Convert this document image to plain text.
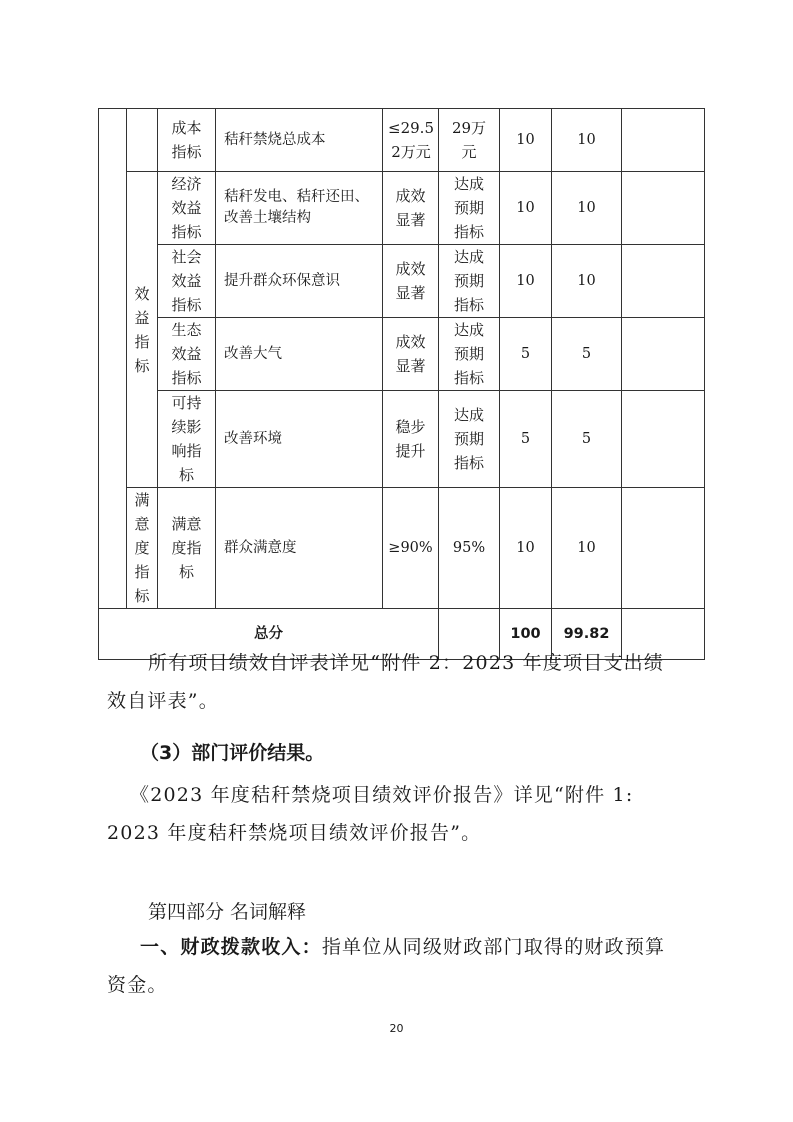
		成本指标	秸秆禁烧总成本	≤29.52万元	29万元	10	10	
	效益指标	经济效益指标	秸秆发电、秸秆还田、改善土壤结构	成效显著	达成预期指标	10	10	
		社会效益指标	提升群众环保意识	成效显著	达成预期指标	10	10	
		生态效益指标	改善大气	成效显著	达成预期指标	5	5	
		可持续影响指标	改善环境	稳步提升	达成预期指标	5	5	
	满意度指标	满意度指标	群众满意度	≥90%	95%	10	10	
总分						100	99.82	
所有项目绩效自评表详见“附件 2：2023 年度项目支出绩
效自评表”。
（3）部门评价结果。
《2023 年度秸秆禁烧项目绩效评价报告》详见“附件 1:
2023 年度秸秆禁烧项目绩效评价报告”。
第四部分 名词解释
一、财政拨款收入：指单位从同级财政部门取得的财政预算
资金。
20
